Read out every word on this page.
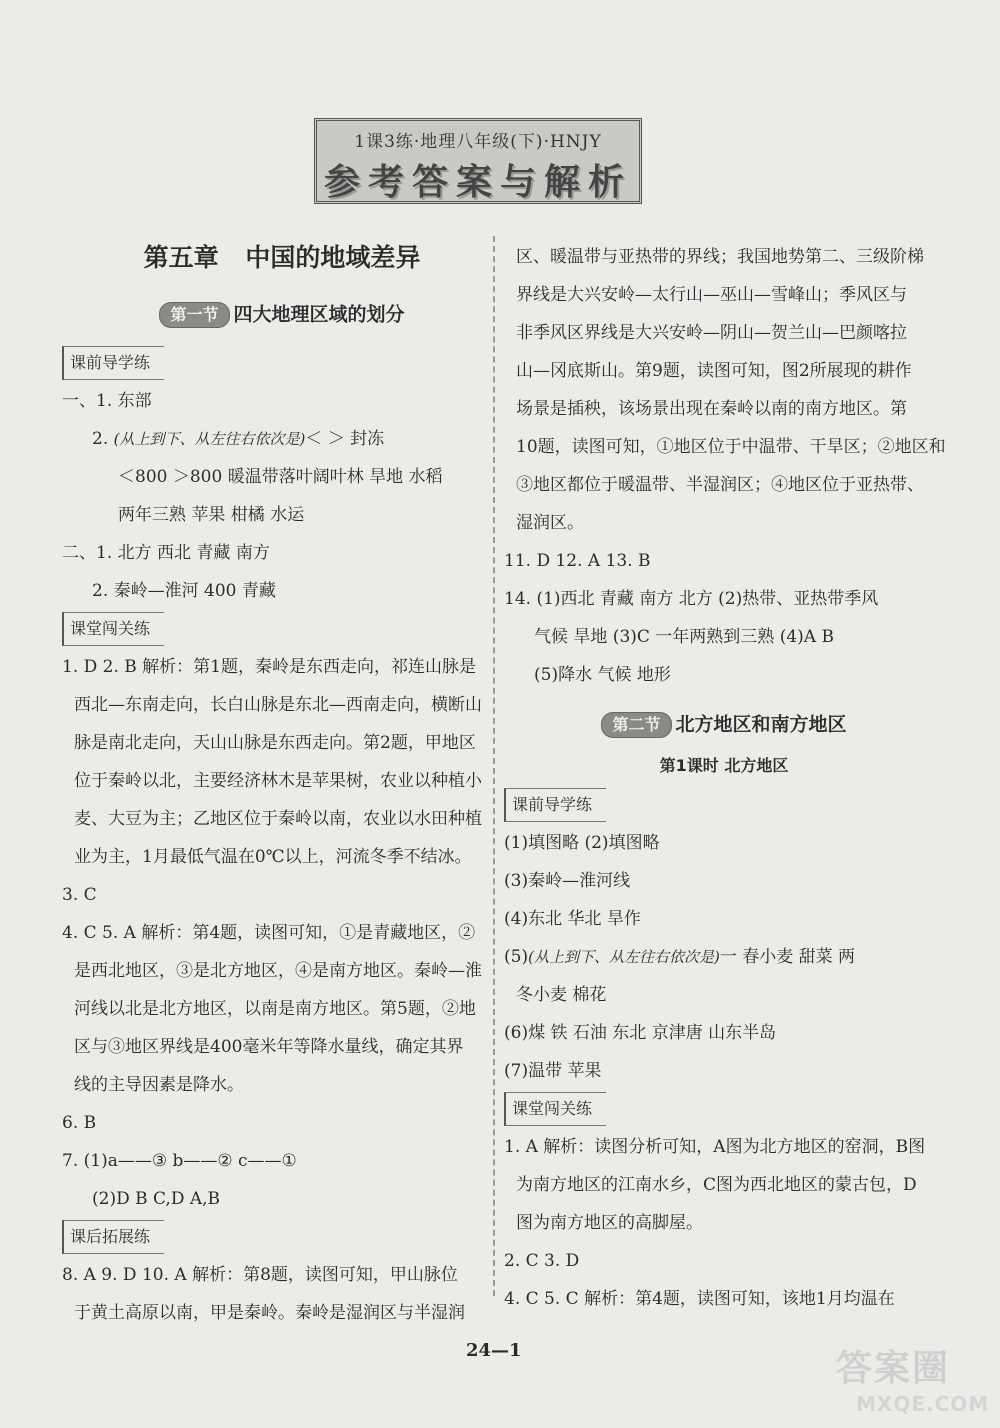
1课3练·地理八年级(下)·HNJY
参考答案与解析
第五章 中国的地域差异
第一节 四大地理区域的划分
课前导学练
一、1. 东部
2. (从上到下、从左往右依次是)＜ ＞ 封冻
＜800 ＞800 暖温带落叶阔叶林 旱地 水稻
两年三熟 苹果 柑橘 水运
二、1. 北方 西北 青藏 南方
2. 秦岭—淮河 400 青藏
课堂闯关练
1. D 2. B 解析：第1题，秦岭是东西走向，祁连山脉是
西北—东南走向，长白山脉是东北—西南走向，横断山
脉是南北走向，天山山脉是东西走向。第2题，甲地区
位于秦岭以北，主要经济林木是苹果树，农业以种植小
麦、大豆为主；乙地区位于秦岭以南，农业以水田种植
业为主，1月最低气温在0℃以上，河流冬季不结冰。
3. C
4. C 5. A 解析：第4题，读图可知，①是青藏地区，②
是西北地区，③是北方地区，④是南方地区。秦岭—淮
河线以北是北方地区，以南是南方地区。第5题，②地
区与③地区界线是400毫米年等降水量线，确定其界
线的主导因素是降水。
6. B
7. (1)a——③ b——② c——①
(2)D B C,D A,B
课后拓展练
8. A 9. D 10. A 解析：第8题，读图可知，甲山脉位
于黄土高原以南，甲是秦岭。秦岭是湿润区与半湿润
区、暖温带与亚热带的界线；我国地势第二、三级阶梯
界线是大兴安岭—太行山—巫山—雪峰山；季风区与
非季风区界线是大兴安岭—阴山—贺兰山—巴颜喀拉
山—冈底斯山。第9题，读图可知，图2所展现的耕作
场景是插秧，该场景出现在秦岭以南的南方地区。第
10题，读图可知，①地区位于中温带、干旱区；②地区和
③地区都位于暖温带、半湿润区；④地区位于亚热带、
湿润区。
11. D 12. A 13. B
14. (1)西北 青藏 南方 北方 (2)热带、亚热带季风
气候 旱地 (3)C 一年两熟到三熟 (4)A B
(5)降水 气候 地形
第二节 北方地区和南方地区
第1课时 北方地区
课前导学练
(1)填图略 (2)填图略
(3)秦岭—淮河线
(4)东北 华北 旱作
(5)(从上到下、从左往右依次是)一 春小麦 甜菜 两
冬小麦 棉花
(6)煤 铁 石油 东北 京津唐 山东半岛
(7)温带 苹果
课堂闯关练
1. A 解析：读图分析可知，A图为北方地区的窑洞，B图
为南方地区的江南水乡，C图为西北地区的蒙古包，D
图为南方地区的高脚屋。
2. C 3. D
4. C 5. C 解析：第4题，读图可知，该地1月均温在
24—1	答案圈
MXQE.COM
